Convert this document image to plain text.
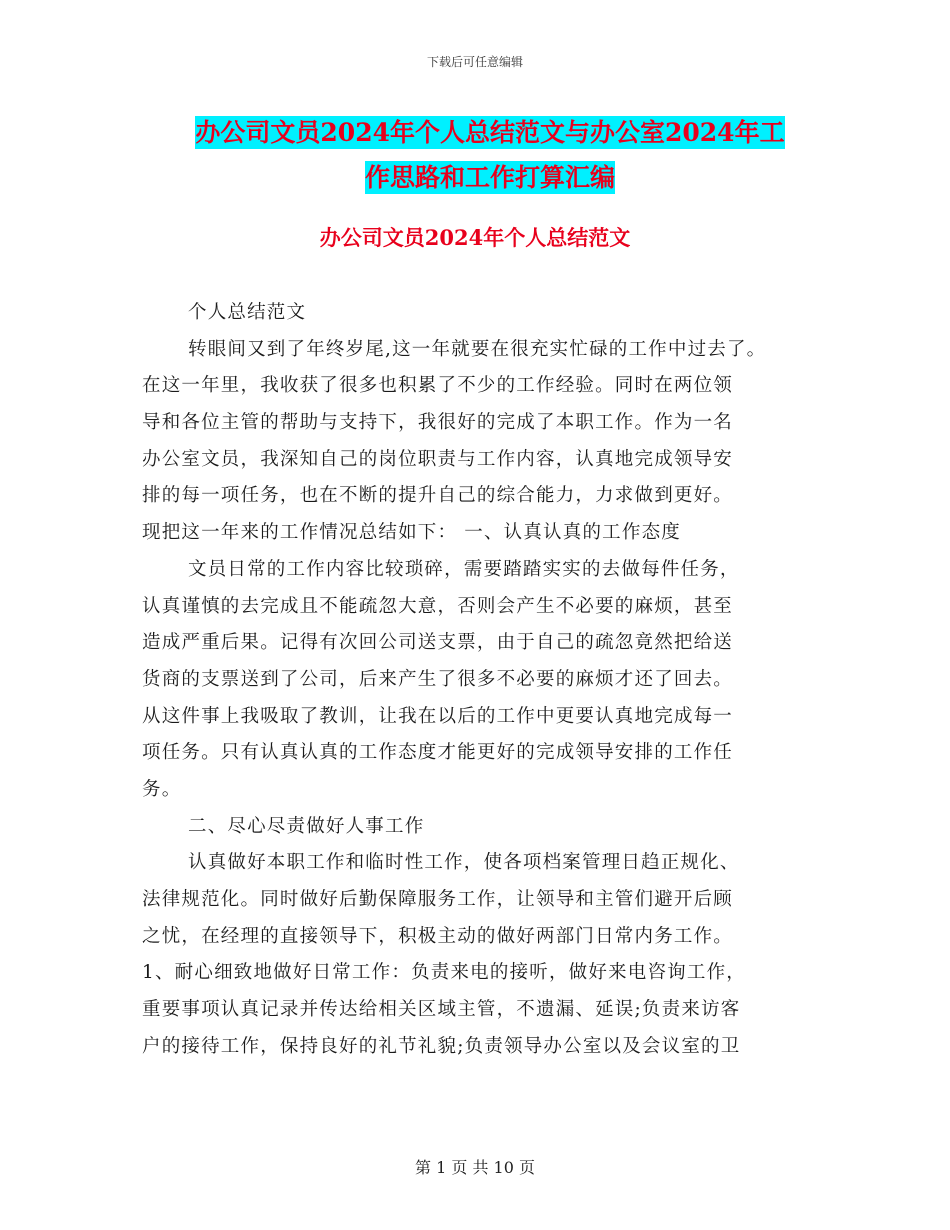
下载后可任意编辑
办公司文员2024年个人总结范文与办公室2024年工
作思路和工作打算汇编
办公司文员2024年个人总结范文
个人总结范文
转眼间又到了年终岁尾,这一年就要在很充实忙碌的工作中过去了。
在这一年里，我收获了很多也积累了不少的工作经验。同时在两位领
导和各位主管的帮助与支持下，我很好的完成了本职工作。作为一名
办公室文员，我深知自己的岗位职责与工作内容，认真地完成领导安
排的每一项任务，也在不断的提升自己的综合能力，力求做到更好。
现把这一年来的工作情况总结如下： 一、认真认真的工作态度
文员日常的工作内容比较琐碎，需要踏踏实实的去做每件任务，
认真谨慎的去完成且不能疏忽大意，否则会产生不必要的麻烦，甚至
造成严重后果。记得有次回公司送支票，由于自己的疏忽竟然把给送
货商的支票送到了公司，后来产生了很多不必要的麻烦才还了回去。
从这件事上我吸取了教训，让我在以后的工作中更要认真地完成每一
项任务。只有认真认真的工作态度才能更好的完成领导安排的工作任
务。
二、尽心尽责做好人事工作
认真做好本职工作和临时性工作，使各项档案管理日趋正规化、
法律规范化。同时做好后勤保障服务工作，让领导和主管们避开后顾
之忧，在经理的直接领导下，积极主动的做好两部门日常内务工作。
1、耐心细致地做好日常工作：负责来电的接听，做好来电咨询工作，
重要事项认真记录并传达给相关区域主管，不遗漏、延误;负责来访客
户的接待工作，保持良好的礼节礼貌;负责领导办公室以及会议室的卫
第 1 页 共 10 页
